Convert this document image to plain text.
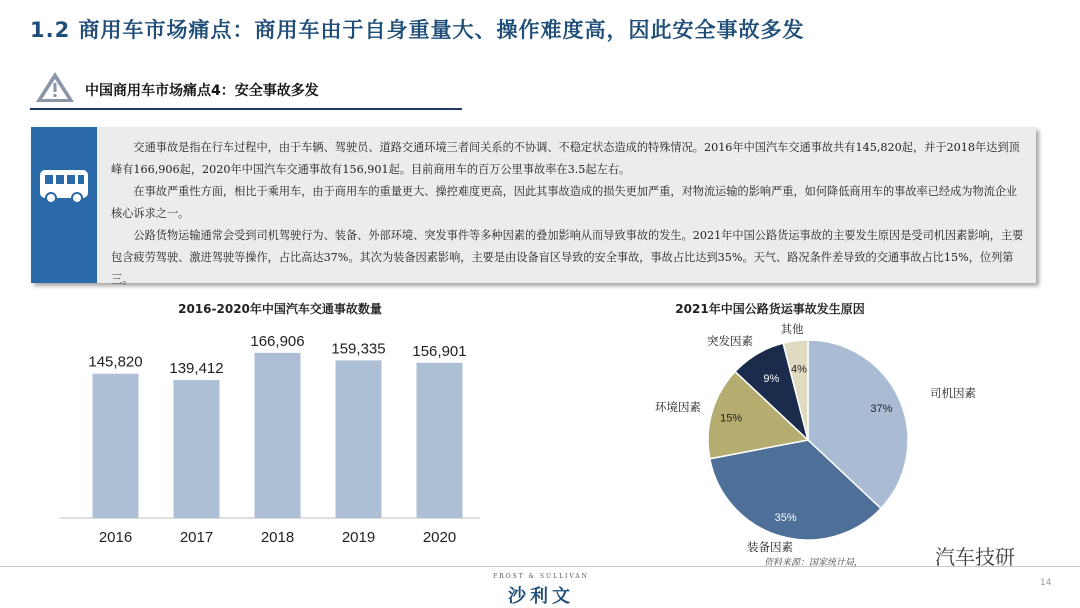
1.2 商用车市场痛点：商用车由于自身重量大、操作难度高，因此安全事故多发
中国商用车市场痛点4：安全事故多发

交通事故是指在行车过程中，由于车辆、驾驶员、道路交通环境三者间关系的不协调、不稳定状态造成的特殊情况。2016年中国汽车交通事故共有145,820起，并于2018年达到顶峰有166,906起，2020年中国汽车交通事故有156,901起。目前商用车的百万公里事故率在3.5起左右。

在事故严重性方面，相比于乘用车，由于商用车的重量更大、操控难度更高，因此其事故造成的损失更加严重，对物流运输的影响严重，如何降低商用车的事故率已经成为物流企业核心诉求之一。

公路货物运输通常会受到司机驾驶行为、装备、外部环境、突发事件等多种因素的叠加影响从而导致事故的发生。2021年中国公路货运事故的主要发生原因是受司机因素影响，主要包含疲劳驾驶、激进驾驶等操作，占比高达37%。其次为装备因素影响，主要是由设备盲区导致的安全事故，事故占比达到35%。天气、路况条件差导致的交通事故占比15%，位列第三。

2016-2020年中国汽车交通事故数量	2021年中国公路货运事故发生原因
145,820
2016
139,412
2017
166,906
2018
159,335
2019
156,901
2020
37%
司机因素
35%
装备因素
15%
环境因素
9%
突发因素
4%
其他
FROST & SULLIVAN
沙利文
资料来源：国家统计局，	汽车技研
14
